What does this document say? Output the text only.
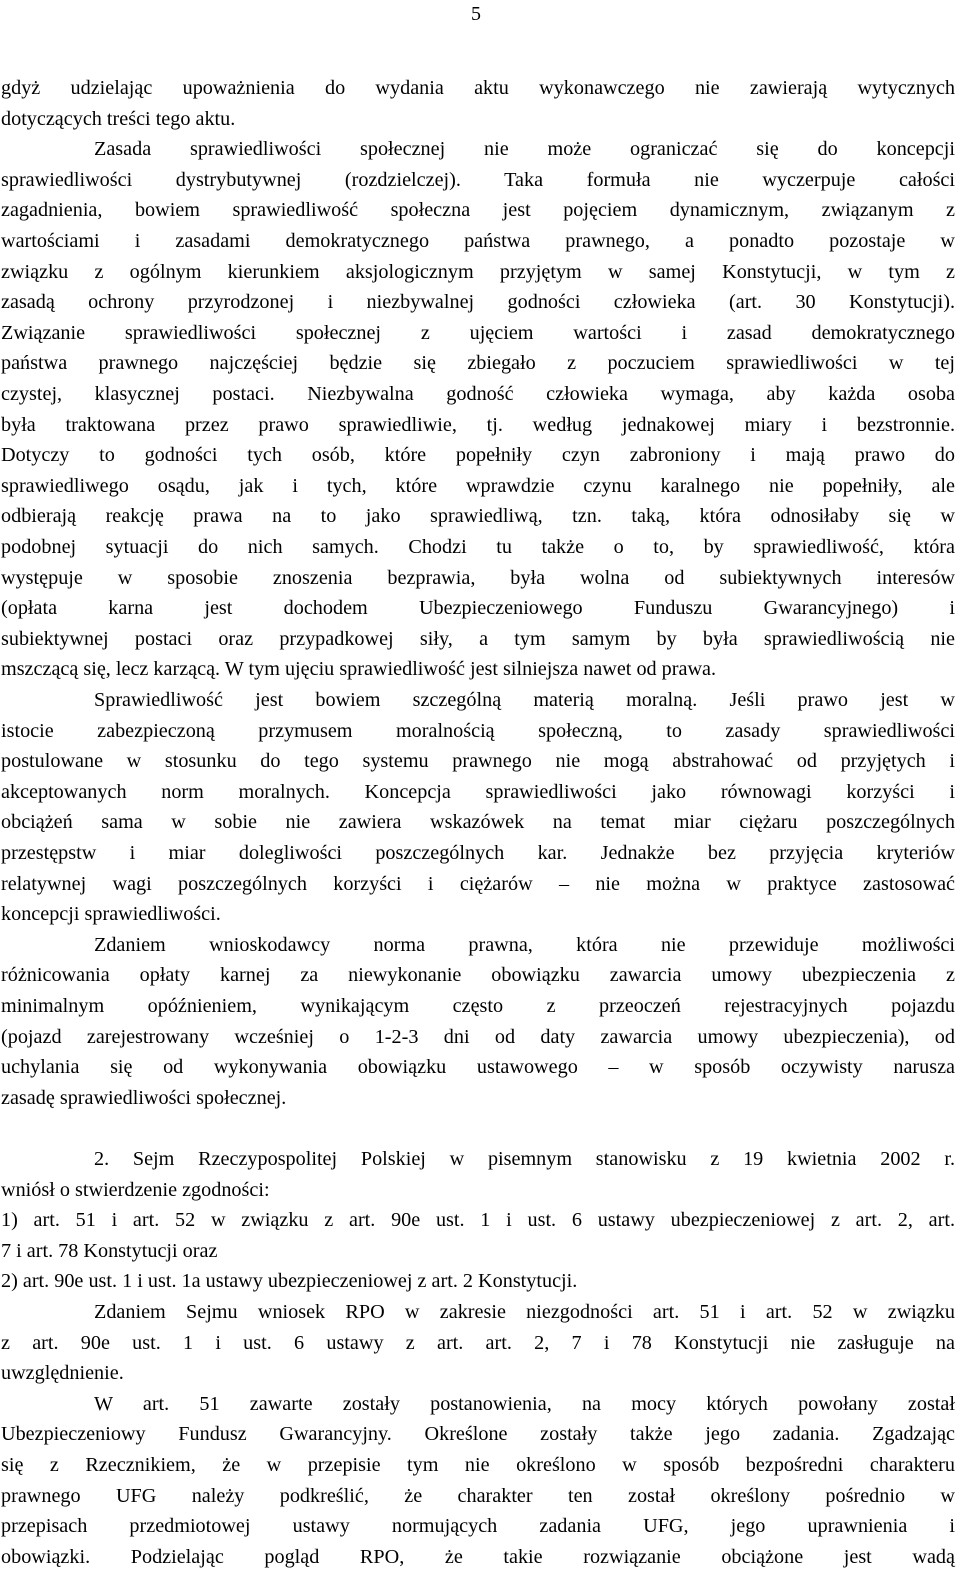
5
gdyż udzielając upoważnienia do wydania aktu wykonawczego nie zawierają wytycznych
dotyczących treści tego aktu.
Zasada sprawiedliwości społecznej nie może ograniczać się do koncepcji
sprawiedliwości dystrybutywnej (rozdzielczej). Taka formuła nie wyczerpuje całości
zagadnienia, bowiem sprawiedliwość społeczna jest pojęciem dynamicznym, związanym z
wartościami i zasadami demokratycznego państwa prawnego, a ponadto pozostaje w
związku z ogólnym kierunkiem aksjologicznym przyjętym w samej Konstytucji, w tym z
zasadą ochrony przyrodzonej i niezbywalnej godności człowieka (art. 30 Konstytucji).
Związanie sprawiedliwości społecznej z ujęciem wartości i zasad demokratycznego
państwa prawnego najczęściej będzie się zbiegało z poczuciem sprawiedliwości w tej
czystej, klasycznej postaci. Niezbywalna godność człowieka wymaga, aby każda osoba
była traktowana przez prawo sprawiedliwie, tj. według jednakowej miary i bezstronnie.
Dotyczy to godności tych osób, które popełniły czyn zabroniony i mają prawo do
sprawiedliwego osądu, jak i tych, które wprawdzie czynu karalnego nie popełniły, ale
odbierają reakcję prawa na to jako sprawiedliwą, tzn. taką, która odnosiłaby się w
podobnej sytuacji do nich samych. Chodzi tu także o to, by sprawiedliwość, która
występuje w sposobie znoszenia bezprawia, była wolna od subiektywnych interesów
(opłata karna jest dochodem Ubezpieczeniowego Funduszu Gwarancyjnego) i
subiektywnej postaci oraz przypadkowej siły, a tym samym by była sprawiedliwością nie
mszczącą się, lecz karzącą. W tym ujęciu sprawiedliwość jest silniejsza nawet od prawa.
Sprawiedliwość jest bowiem szczególną materią moralną. Jeśli prawo jest w
istocie zabezpieczoną przymusem moralnością społeczną, to zasady sprawiedliwości
postulowane w stosunku do tego systemu prawnego nie mogą abstrahować od przyjętych i
akceptowanych norm moralnych. Koncepcja sprawiedliwości jako równowagi korzyści i
obciążeń sama w sobie nie zawiera wskazówek na temat miar ciężaru poszczególnych
przestępstw i miar dolegliwości poszczególnych kar. Jednakże bez przyjęcia kryteriów
relatywnej wagi poszczególnych korzyści i ciężarów – nie można w praktyce zastosować
koncepcji sprawiedliwości.
Zdaniem wnioskodawcy norma prawna, która nie przewiduje możliwości
różnicowania opłaty karnej za niewykonanie obowiązku zawarcia umowy ubezpieczenia z
minimalnym opóźnieniem, wynikającym często z przeoczeń rejestracyjnych pojazdu
(pojazd zarejestrowany wcześniej o 1-2-3 dni od daty zawarcia umowy ubezpieczenia), od
uchylania się od wykonywania obowiązku ustawowego – w sposób oczywisty narusza
zasadę sprawiedliwości społecznej.
2. Sejm Rzeczypospolitej Polskiej w pisemnym stanowisku z 19 kwietnia 2002 r.
wniósł o stwierdzenie zgodności:
1) art. 51 i art. 52 w związku z art. 90e ust. 1 i ust. 6 ustawy ubezpieczeniowej z art. 2, art.
7 i art. 78 Konstytucji oraz
2) art. 90e ust. 1 i ust. 1a ustawy ubezpieczeniowej z art. 2 Konstytucji.
Zdaniem Sejmu wniosek RPO w zakresie niezgodności art. 51 i art. 52 w związku
z art. 90e ust. 1 i ust. 6 ustawy z art. art. 2, 7 i 78 Konstytucji nie zasługuje na
uwzględnienie.
W art. 51 zawarte zostały postanowienia, na mocy których powołany został
Ubezpieczeniowy Fundusz Gwarancyjny. Określone zostały także jego zadania. Zgadzając
się z Rzecznikiem, że w przepisie tym nie określono w sposób bezpośredni charakteru
prawnego UFG należy podkreślić, że charakter ten został określony pośrednio w
przepisach przedmiotowej ustawy normujących zadania UFG, jego uprawnienia i
obowiązki. Podzielając pogląd RPO, że takie rozwiązanie obciążone jest wadą
